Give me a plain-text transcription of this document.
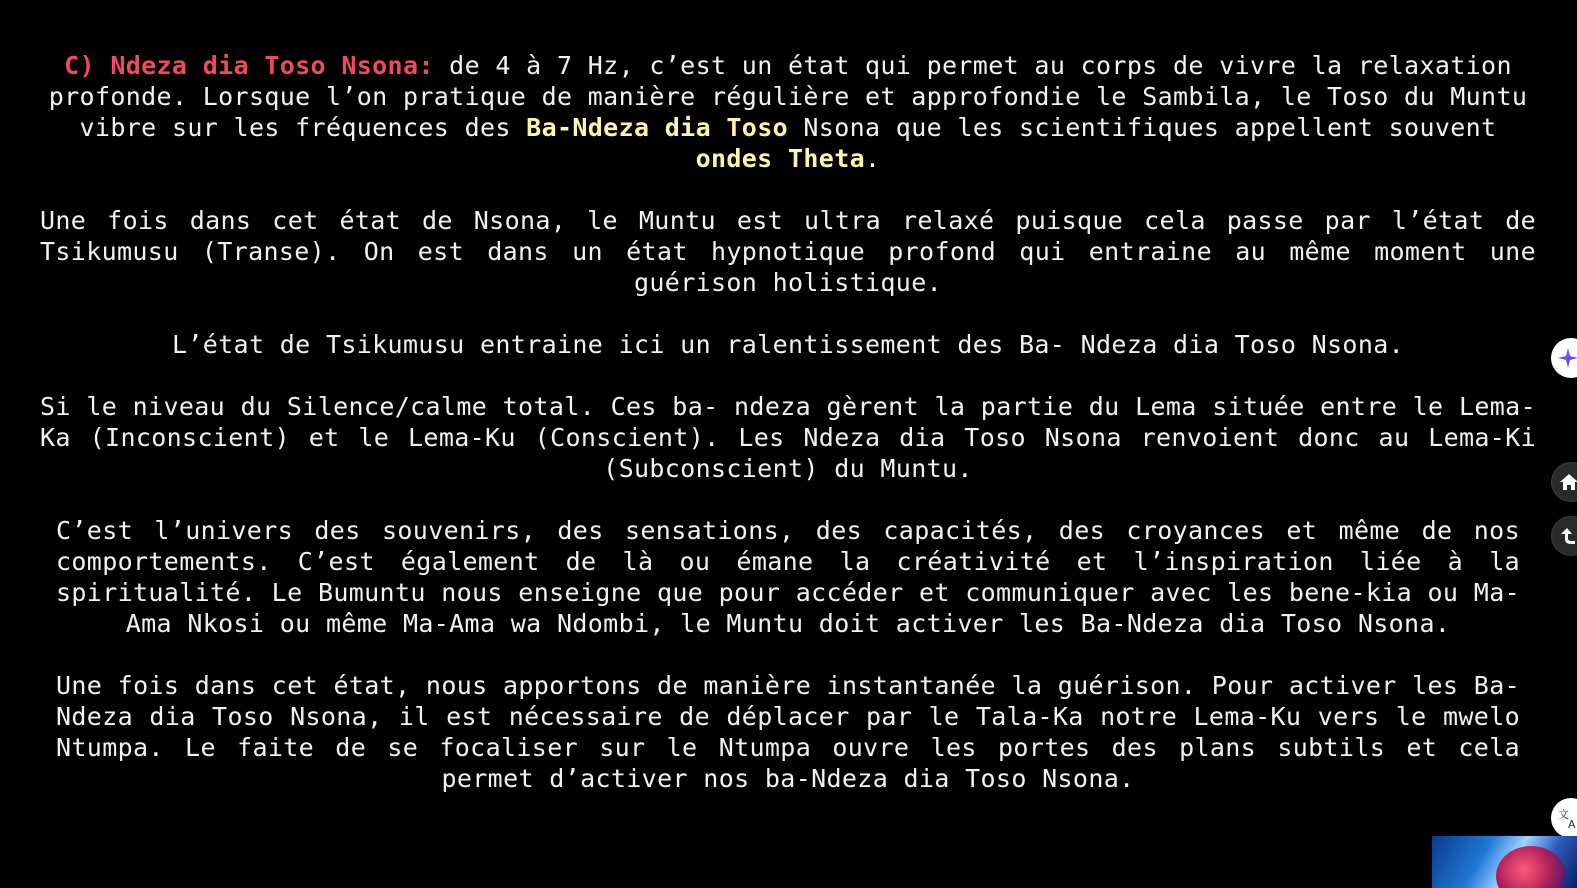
C) Ndeza dia Toso Nsona: de 4 à 7 Hz, c’est un état qui permet au corps de vivre la relaxation profonde. Lorsque l’on pratique de manière régulière et approfondie le Sambila, le Toso du Muntu vibre sur les fréquences des Ba-Ndeza dia Toso Nsona que les scientifiques appellent souvent ondes Theta.

Une fois dans cet état de Nsona, le Muntu est ultra relaxé puisque cela passe par l’état de Tsikumusu (Transe). On est dans un état hypnotique profond qui entraine au même moment une guérison holistique.

L’état de Tsikumusu entraine ici un ralentissement des Ba- Ndeza dia Toso Nsona.

Si le niveau du Silence/calme total. Ces ba- ndeza gèrent la partie du Lema située entre le Lema-Ka (Inconscient) et le Lema-Ku (Conscient). Les Ndeza dia Toso Nsona renvoient donc au Lema-Ki (Subconscient) du Muntu.

C’est l’univers des souvenirs, des sensations, des capacités, des croyances et même de nos comportements. C’est également de là ou émane la créativité et l’inspiration liée à la spiritualité. Le Bumuntu nous enseigne que pour accéder et communiquer avec les bene-kia ou Ma-Ama Nkosi ou même Ma-Ama wa Ndombi, le Muntu doit activer les Ba-Ndeza dia Toso Nsona.

Une fois dans cet état, nous apportons de manière instantanée la guérison. Pour activer les Ba-Ndeza dia Toso Nsona, il est nécessaire de déplacer par le Tala-Ka notre Lema-Ku vers le mwelo Ntumpa. Le faite de se focaliser sur le Ntumpa ouvre les portes des plans subtils et cela permet d’activer nos ba-Ndeza dia Toso Nsona.

文
A
